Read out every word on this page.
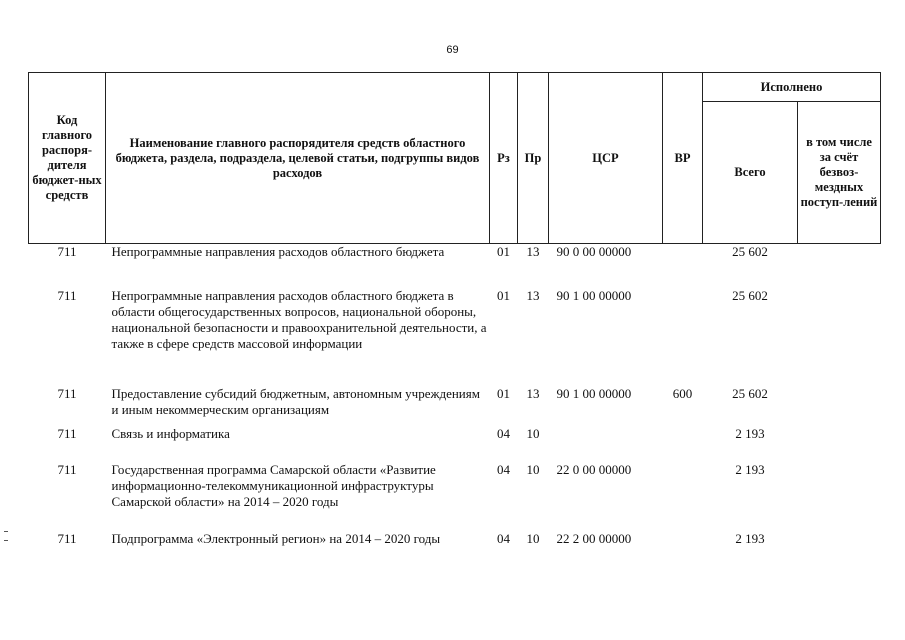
69
Код главного распоря-дителя бюджет-ных средств	Наименование главного распорядителя средств областного бюджета, раздела, подраздела, целевой статьи, подгруппы видов расходов	Рз	Пр	ЦСР	ВР	Исполнено	
						Всего	в том числе за счёт безвоз-мездных поступ-лений
711	Непрограммные направления расходов областного бюджета	01	13	90 0 00 00000		25 602	
711	Непрограммные направления расходов областного бюджета в области общегосударственных вопросов, национальной обороны, национальной безопасности и правоохранительной деятельности, а также в сфере средств массовой информации	01	13	90 1 00 00000		25 602	
711	Предоставление субсидий бюджетным, автономным учреждениям и иным некоммерческим организациям	01	13	90 1 00 00000	600	25 602	
711	Связь и информатика	04	10			2 193	
711	Государственная программа Самарской области «Развитие информационно-телекоммуникационной инфраструктуры Самарской области» на 2014 – 2020 годы	04	10	22 0 00 00000		2 193	
711	Подпрограмма «Электронный регион» на 2014 – 2020 годы	04	10	22 2 00 00000		2 193	
